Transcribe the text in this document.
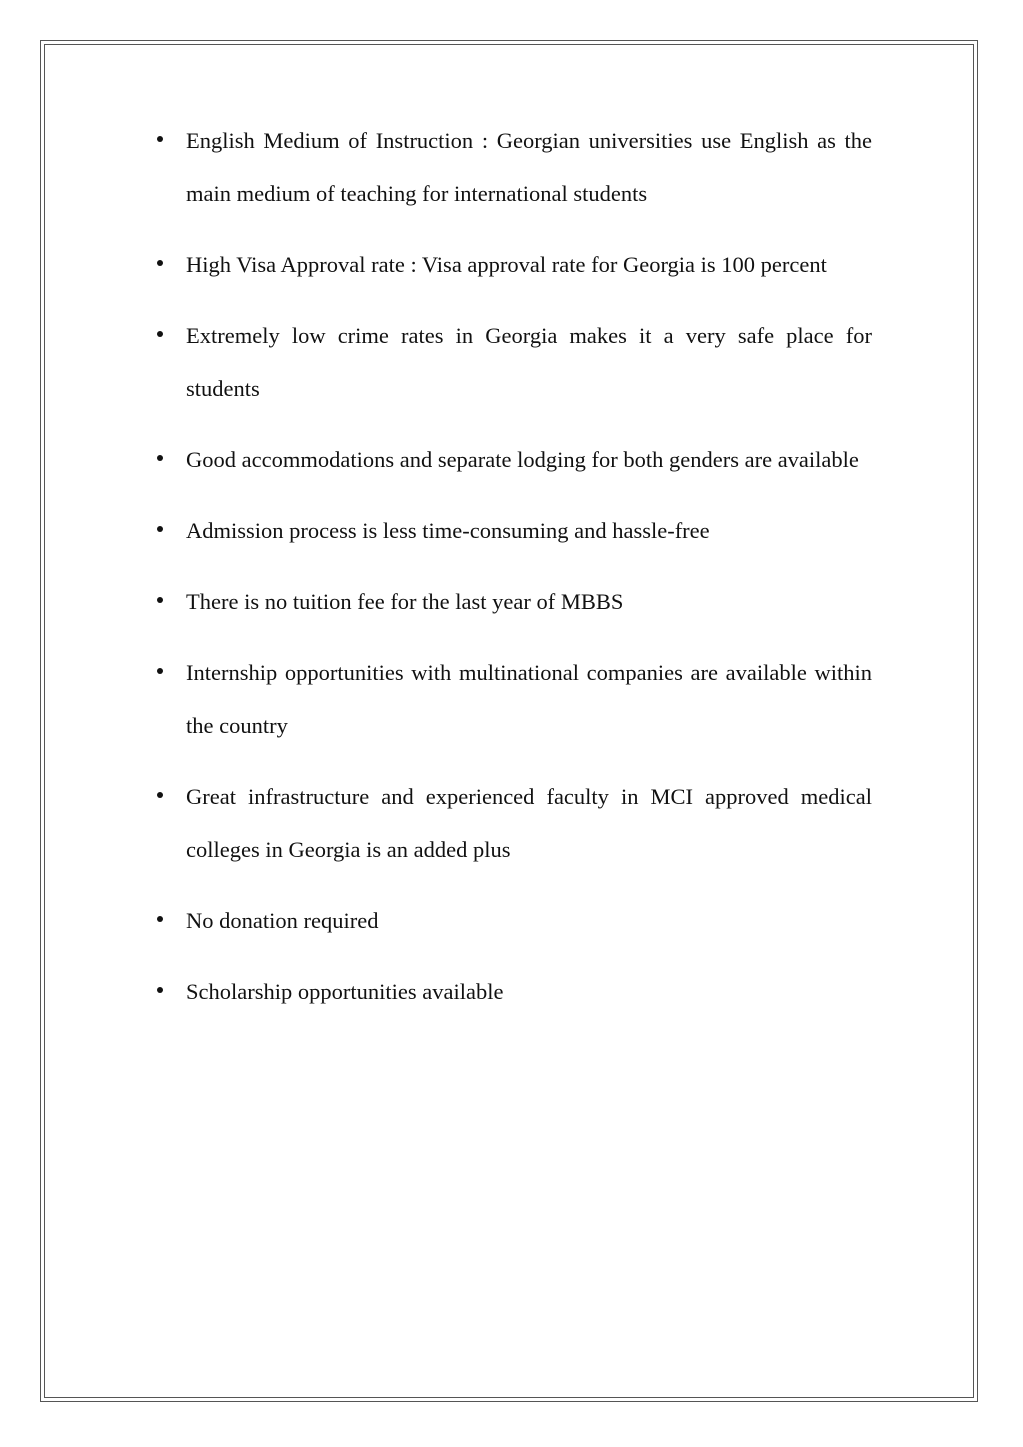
English Medium of Instruction : Georgian universities use English as the main medium of teaching for international students
High Visa Approval rate : Visa approval rate for Georgia is 100 percent
Extremely low crime rates in Georgia makes it a very safe place for students
Good accommodations and separate lodging for both genders are available
Admission process is less time-consuming and hassle-free
There is no tuition fee for the last year of MBBS
Internship opportunities with multinational companies are available within the country
Great infrastructure and experienced faculty in MCI approved medical colleges in Georgia is an added plus
No donation required
Scholarship opportunities available
